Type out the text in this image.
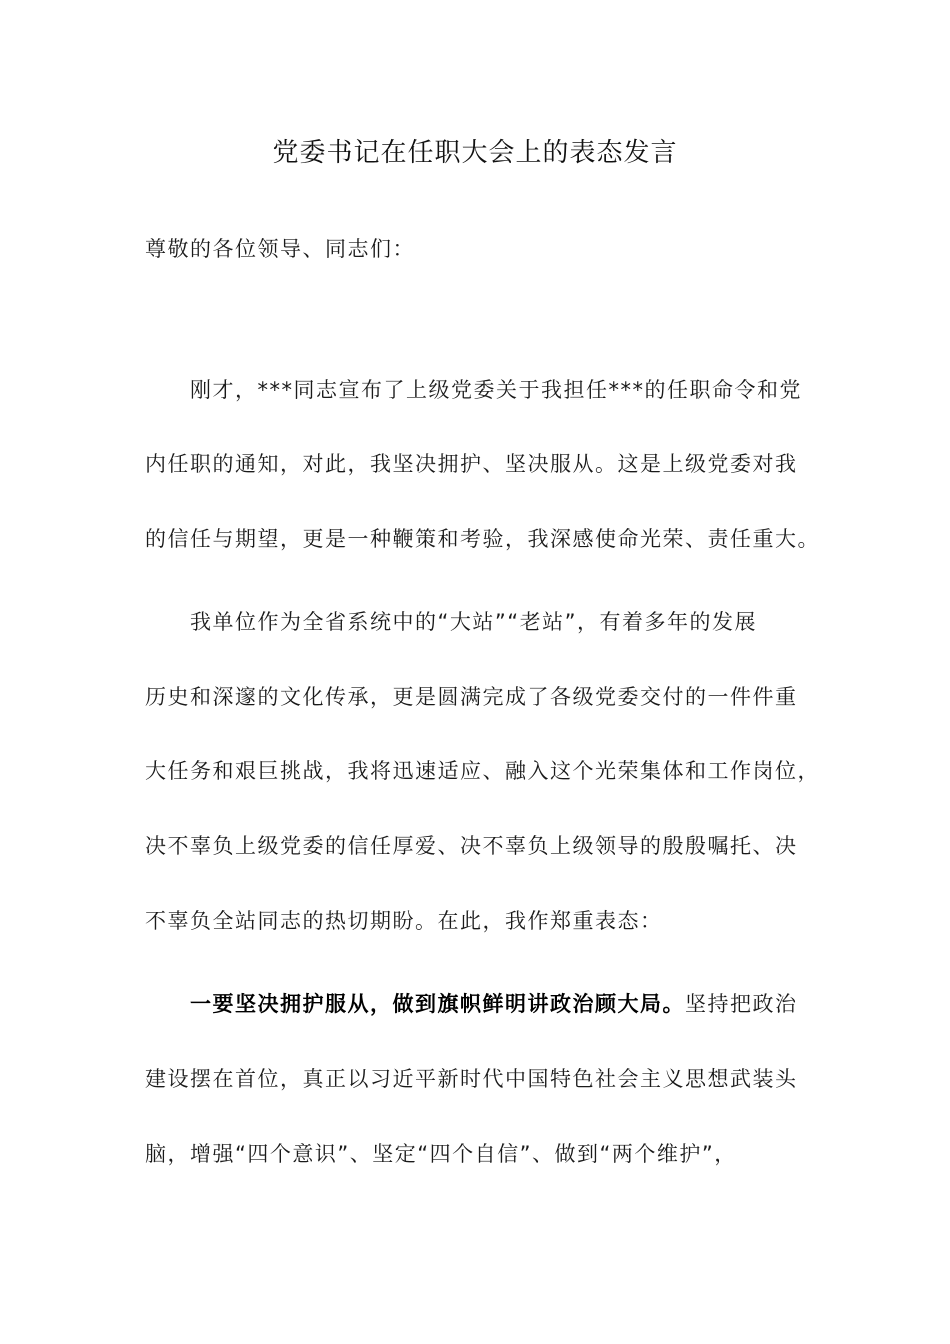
党委书记在任职大会上的表态发言
尊敬的各位领导、同志们：
刚才，***同志宣布了上级党委关于我担任***的任职命令和党
内任职的通知，对此，我坚决拥护、坚决服从。这是上级党委对我
的信任与期望，更是一种鞭策和考验，我深感使命光荣、责任重大。
我单位作为全省系统中的“大站”“老站”，有着多年的发展
历史和深邃的文化传承，更是圆满完成了各级党委交付的一件件重
大任务和艰巨挑战，我将迅速适应、融入这个光荣集体和工作岗位，
决不辜负上级党委的信任厚爱、决不辜负上级领导的殷殷嘱托、决
不辜负全站同志的热切期盼。在此，我作郑重表态：
一要坚决拥护服从，做到旗帜鲜明讲政治顾大局。坚持把政治
建设摆在首位，真正以习近平新时代中国特色社会主义思想武装头
脑，增强“四个意识”、坚定“四个自信”、做到“两个维护”，
